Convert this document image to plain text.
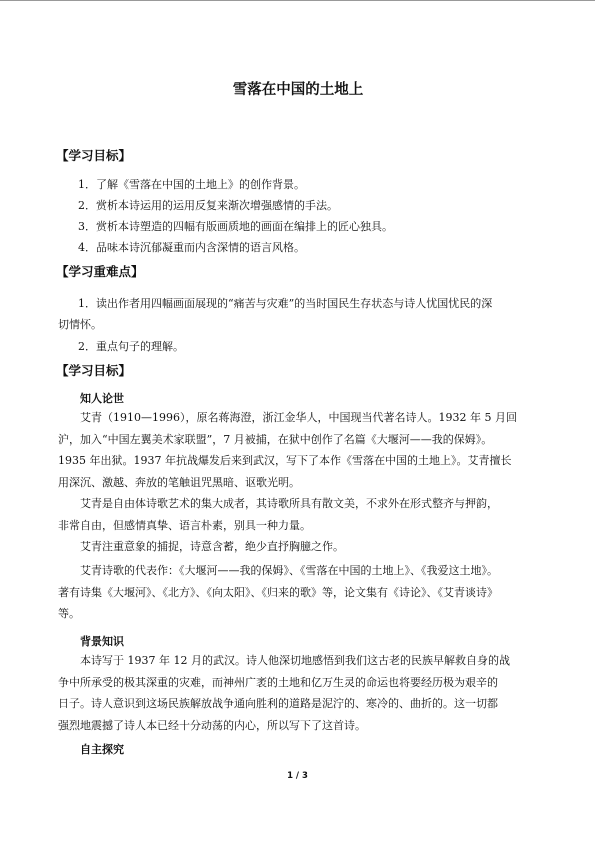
雪落在中国的土地上
【学习目标】
1．了解《雪落在中国的土地上》的创作背景。
2．赏析本诗运用的运用反复来渐次增强感情的手法。
3．赏析本诗塑造的四幅有版画质地的画面在编排上的匠心独具。
4．品味本诗沉郁凝重而内含深情的语言风格。
【学习重难点】
1．读出作者用四幅画面展现的“痛苦与灾难”的当时国民生存状态与诗人忧国忧民的深
切情怀。
2．重点句子的理解。
【学习目标】
知人论世
艾青（1910—1996），原名蒋海澄，浙江金华人，中国现当代著名诗人。1932 年 5 月回
沪，加入“中国左翼美术家联盟”，7 月被捕，在狱中创作了名篇《大堰河——我的保姆》。
1935 年出狱。1937 年抗战爆发后来到武汉，写下了本作《雪落在中国的土地上》。艾青擅长
用深沉、激越、奔放的笔触诅咒黑暗、讴歌光明。
艾青是自由体诗歌艺术的集大成者，其诗歌所具有散文美，不求外在形式整齐与押韵，
非常自由，但感情真挚、语言朴素，别具一种力量。
艾青注重意象的捕捉，诗意含蓄，绝少直抒胸臆之作。
艾青诗歌的代表作：《大堰河——我的保姆》、《雪落在中国的土地上》、《我爱这土地》。
著有诗集《大堰河》、《北方》、《向太阳》、《归来的歌》等，论文集有《诗论》、《艾青谈诗》
等。
背景知识
本诗写于 1937 年 12 月的武汉。诗人他深切地感悟到我们这古老的民族早解救自身的战
争中所承受的极其深重的灾难，而神州广袤的土地和亿万生灵的命运也将要经历极为艰辛的
日子。诗人意识到这场民族解放战争通向胜利的道路是泥泞的、寒冷的、曲折的。这一切都
强烈地震撼了诗人本已经十分动荡的内心，所以写下了这首诗。
自主探究
1 / 3
